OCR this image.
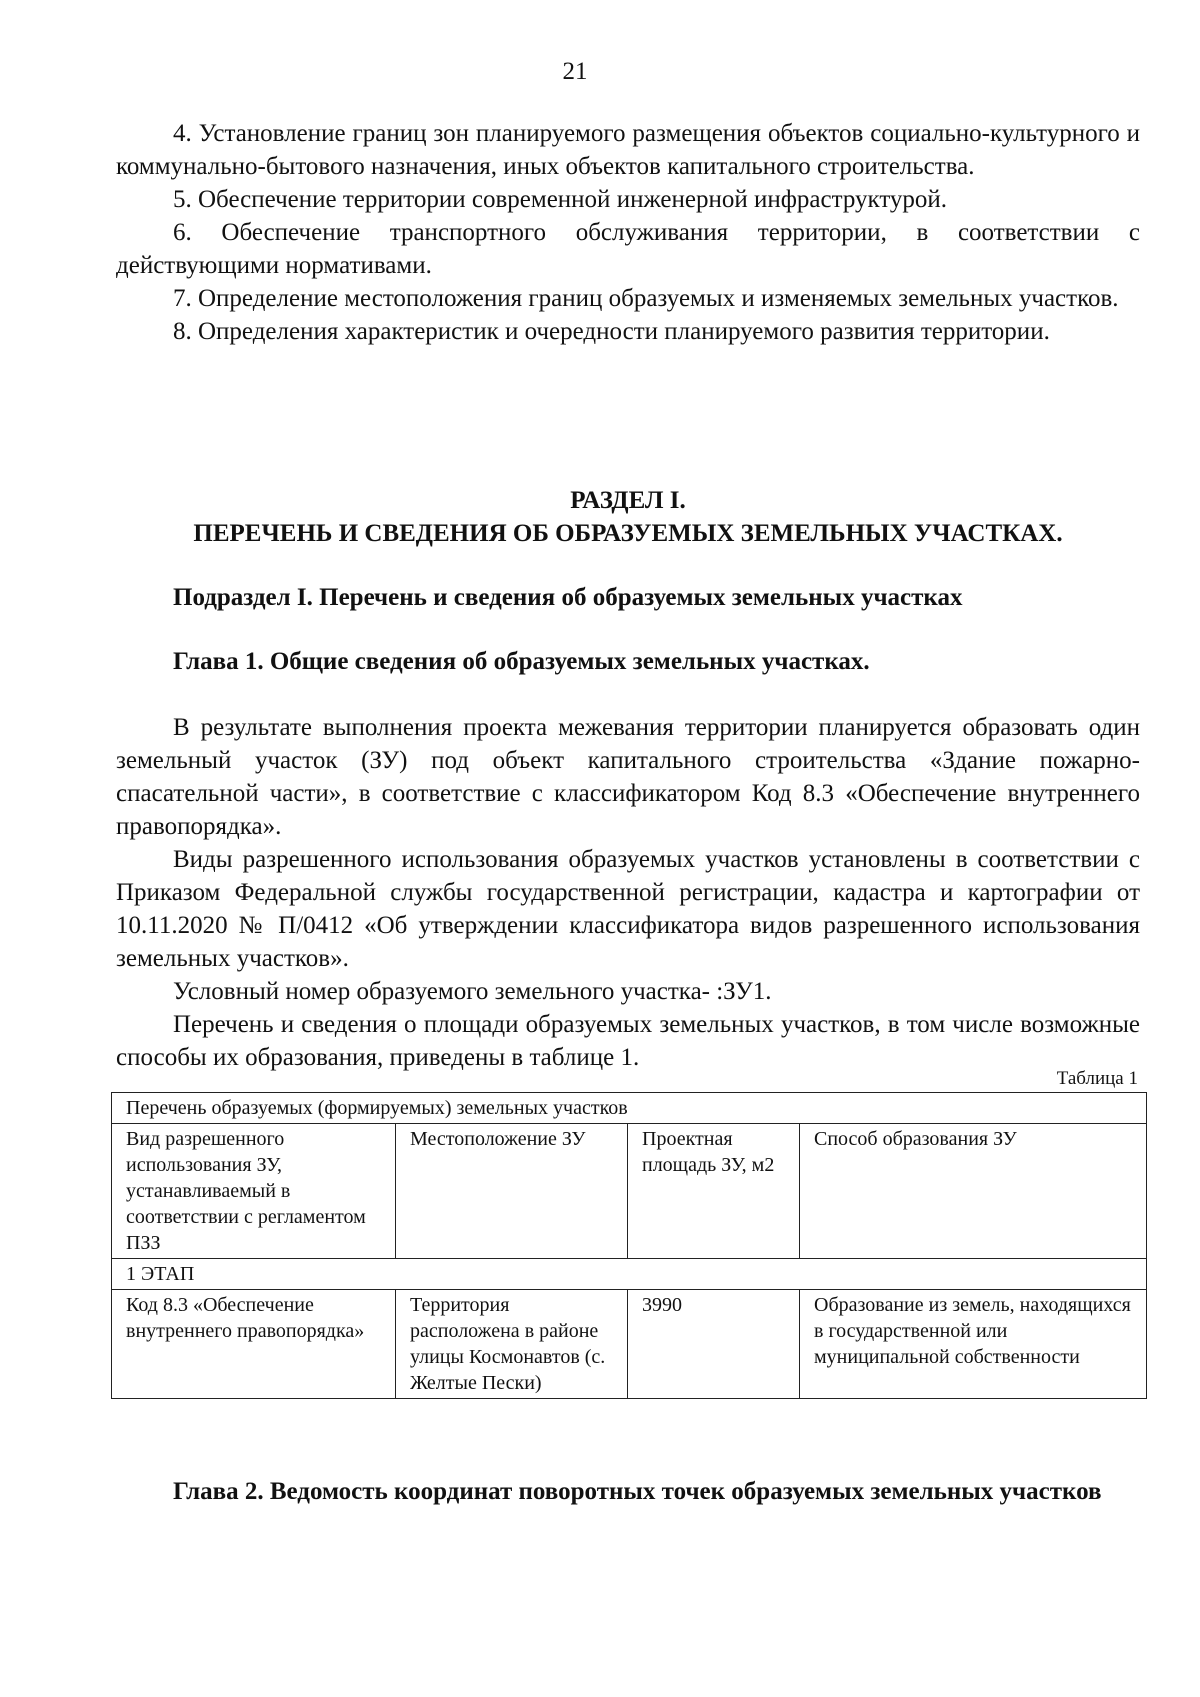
21

4. Установление границ зон планируемого размещения объектов социально-культурного и коммунально-бытового назначения, иных объектов капитального строительства.

5. Обеспечение территории современной инженерной инфраструктурой.

6. Обеспечение транспортного обслуживания территории, в соответствии с действующими нормативами.

7. Определение местоположения границ образуемых и изменяемых земельных участков.

8. Определения характеристик и очередности планируемого развития территории.

РАЗДЕЛ I.
ПЕРЕЧЕНЬ И СВЕДЕНИЯ ОБ ОБРАЗУЕМЫХ ЗЕМЕЛЬНЫХ УЧАСТКАХ.
Подраздел I. Перечень и сведения об образуемых земельных участках
Глава 1. Общие сведения об образуемых земельных участках.

В результате выполнения проекта межевания территории планируется образовать один земельный участок (ЗУ) под объект капитального строительства «Здание пожарно-спасательной части», в соответствие с классификатором Код 8.3 «Обеспечение внутреннего правопорядка».

Виды разрешенного использования образуемых участков установлены в соответствии с Приказом Федеральной службы государственной регистрации, кадастра и картографии от 10.11.2020 № П/0412 «Об утверждении классификатора видов разрешенного использования земельных участков».

Условный номер образуемого земельного участка- :ЗУ1.

Перечень и сведения о площади образуемых земельных участков, в том числе возможные способы их образования, приведены в таблице 1.

Таблица 1
Перечень образуемых (формируемых) земельных участков			
Вид разрешенного использования ЗУ, устанавливаемый в соответствии с регламентом ПЗЗ	Местоположение ЗУ	Проектная площадь ЗУ, м2	Способ образования ЗУ
1 ЭТАП			
Код 8.3 «Обеспечение внутреннего правопорядка»	Территория расположена в районе улицы Космонавтов (с. Желтые Пески)	3990	Образование из земель, находящихся в государственной или муниципальной собственности
Глава 2. Ведомость координат поворотных точек образуемых земельных участков
